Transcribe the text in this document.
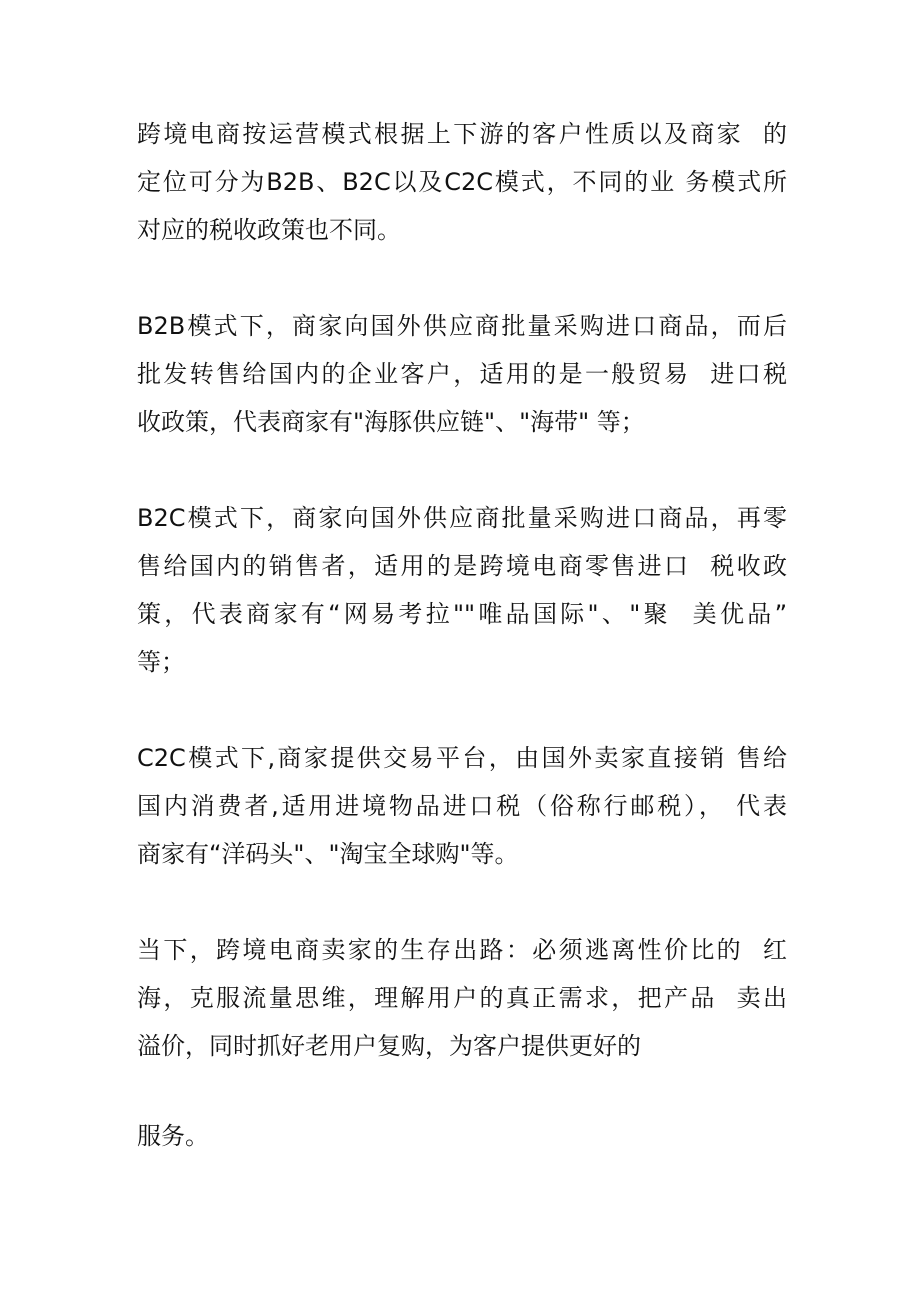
跨境电商按运营模式根据上下游的客户性质以及商家  的
定位可分为B2B、B2C以及C2C模式，不同的业 务模式所
对应的税收政策也不同。
B2B模式下，商家向国外供应商批量采购进口商品，而后
批发转售给国内的企业客户，适用的是一般贸易  进口税
收政策，代表商家有"海豚供应链"、"海带" 等；
B2C模式下，商家向国外供应商批量采购进口商品，再零
售给国内的销售者，适用的是跨境电商零售进口  税收政
策，代表商家有“网易考拉""唯品国际"、"聚  美优品”
等；
C2C模式下,商家提供交易平台，由国外卖家直接销 售给
国内消费者,适用进境物品进口税（俗称行邮税）， 代表
商家有“洋码头"、"淘宝全球购"等。
当下，跨境电商卖家的生存出路：必须逃离性价比的  红
海，克服流量思维，理解用户的真正需求，把产品  卖出
溢价，同时抓好老用户复购，为客户提供更好的
服务。
